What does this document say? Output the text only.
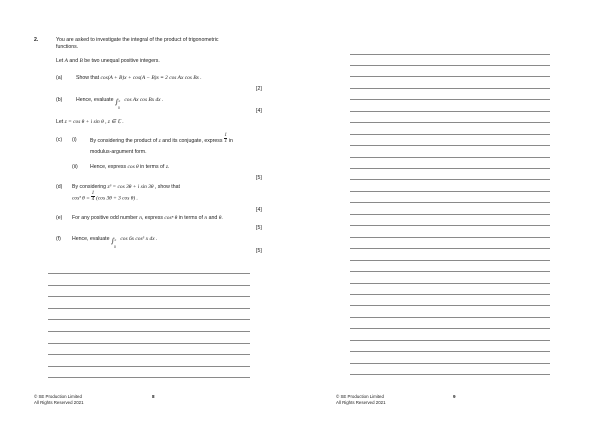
2.	You are asked to investigate the integral of the product of trigonometric
functions.
Let A and B be two unequal positive integers.
(a)	Show that cos(A + B)x + cos(A − B)x ≡ 2 cos Ax cos Bx .
[2]
(b)	Hence, evaluate ∫ π
0
cos Ax cos Bx dx .
[4]
Let z = cos θ + i sin θ , z ∈ ℂ .
(c) (i)	By considering the product of z and its conjugate, express $\frac{1}{z}$ in
modulus-argument form.
(ii) Hence, express cos θ in terms of z.
[5]
(d) By considering z³ = cos 3θ + i sin 3θ , show that
cos³ $\theta = \frac{1}{4} (\cos$ 3θ + 3 cos θ) .
[4]
(e) For any positive odd number n, express cosⁿ θ in terms of n and θ.
[5]
(f) Hence, evaluate ∫ π
0
cos 6x cos⁵ x dx .
[5]
© SE Production Limited
All Rights Reserved 2021
8	© SE Production Limited
All Rights Reserved 2021
9
